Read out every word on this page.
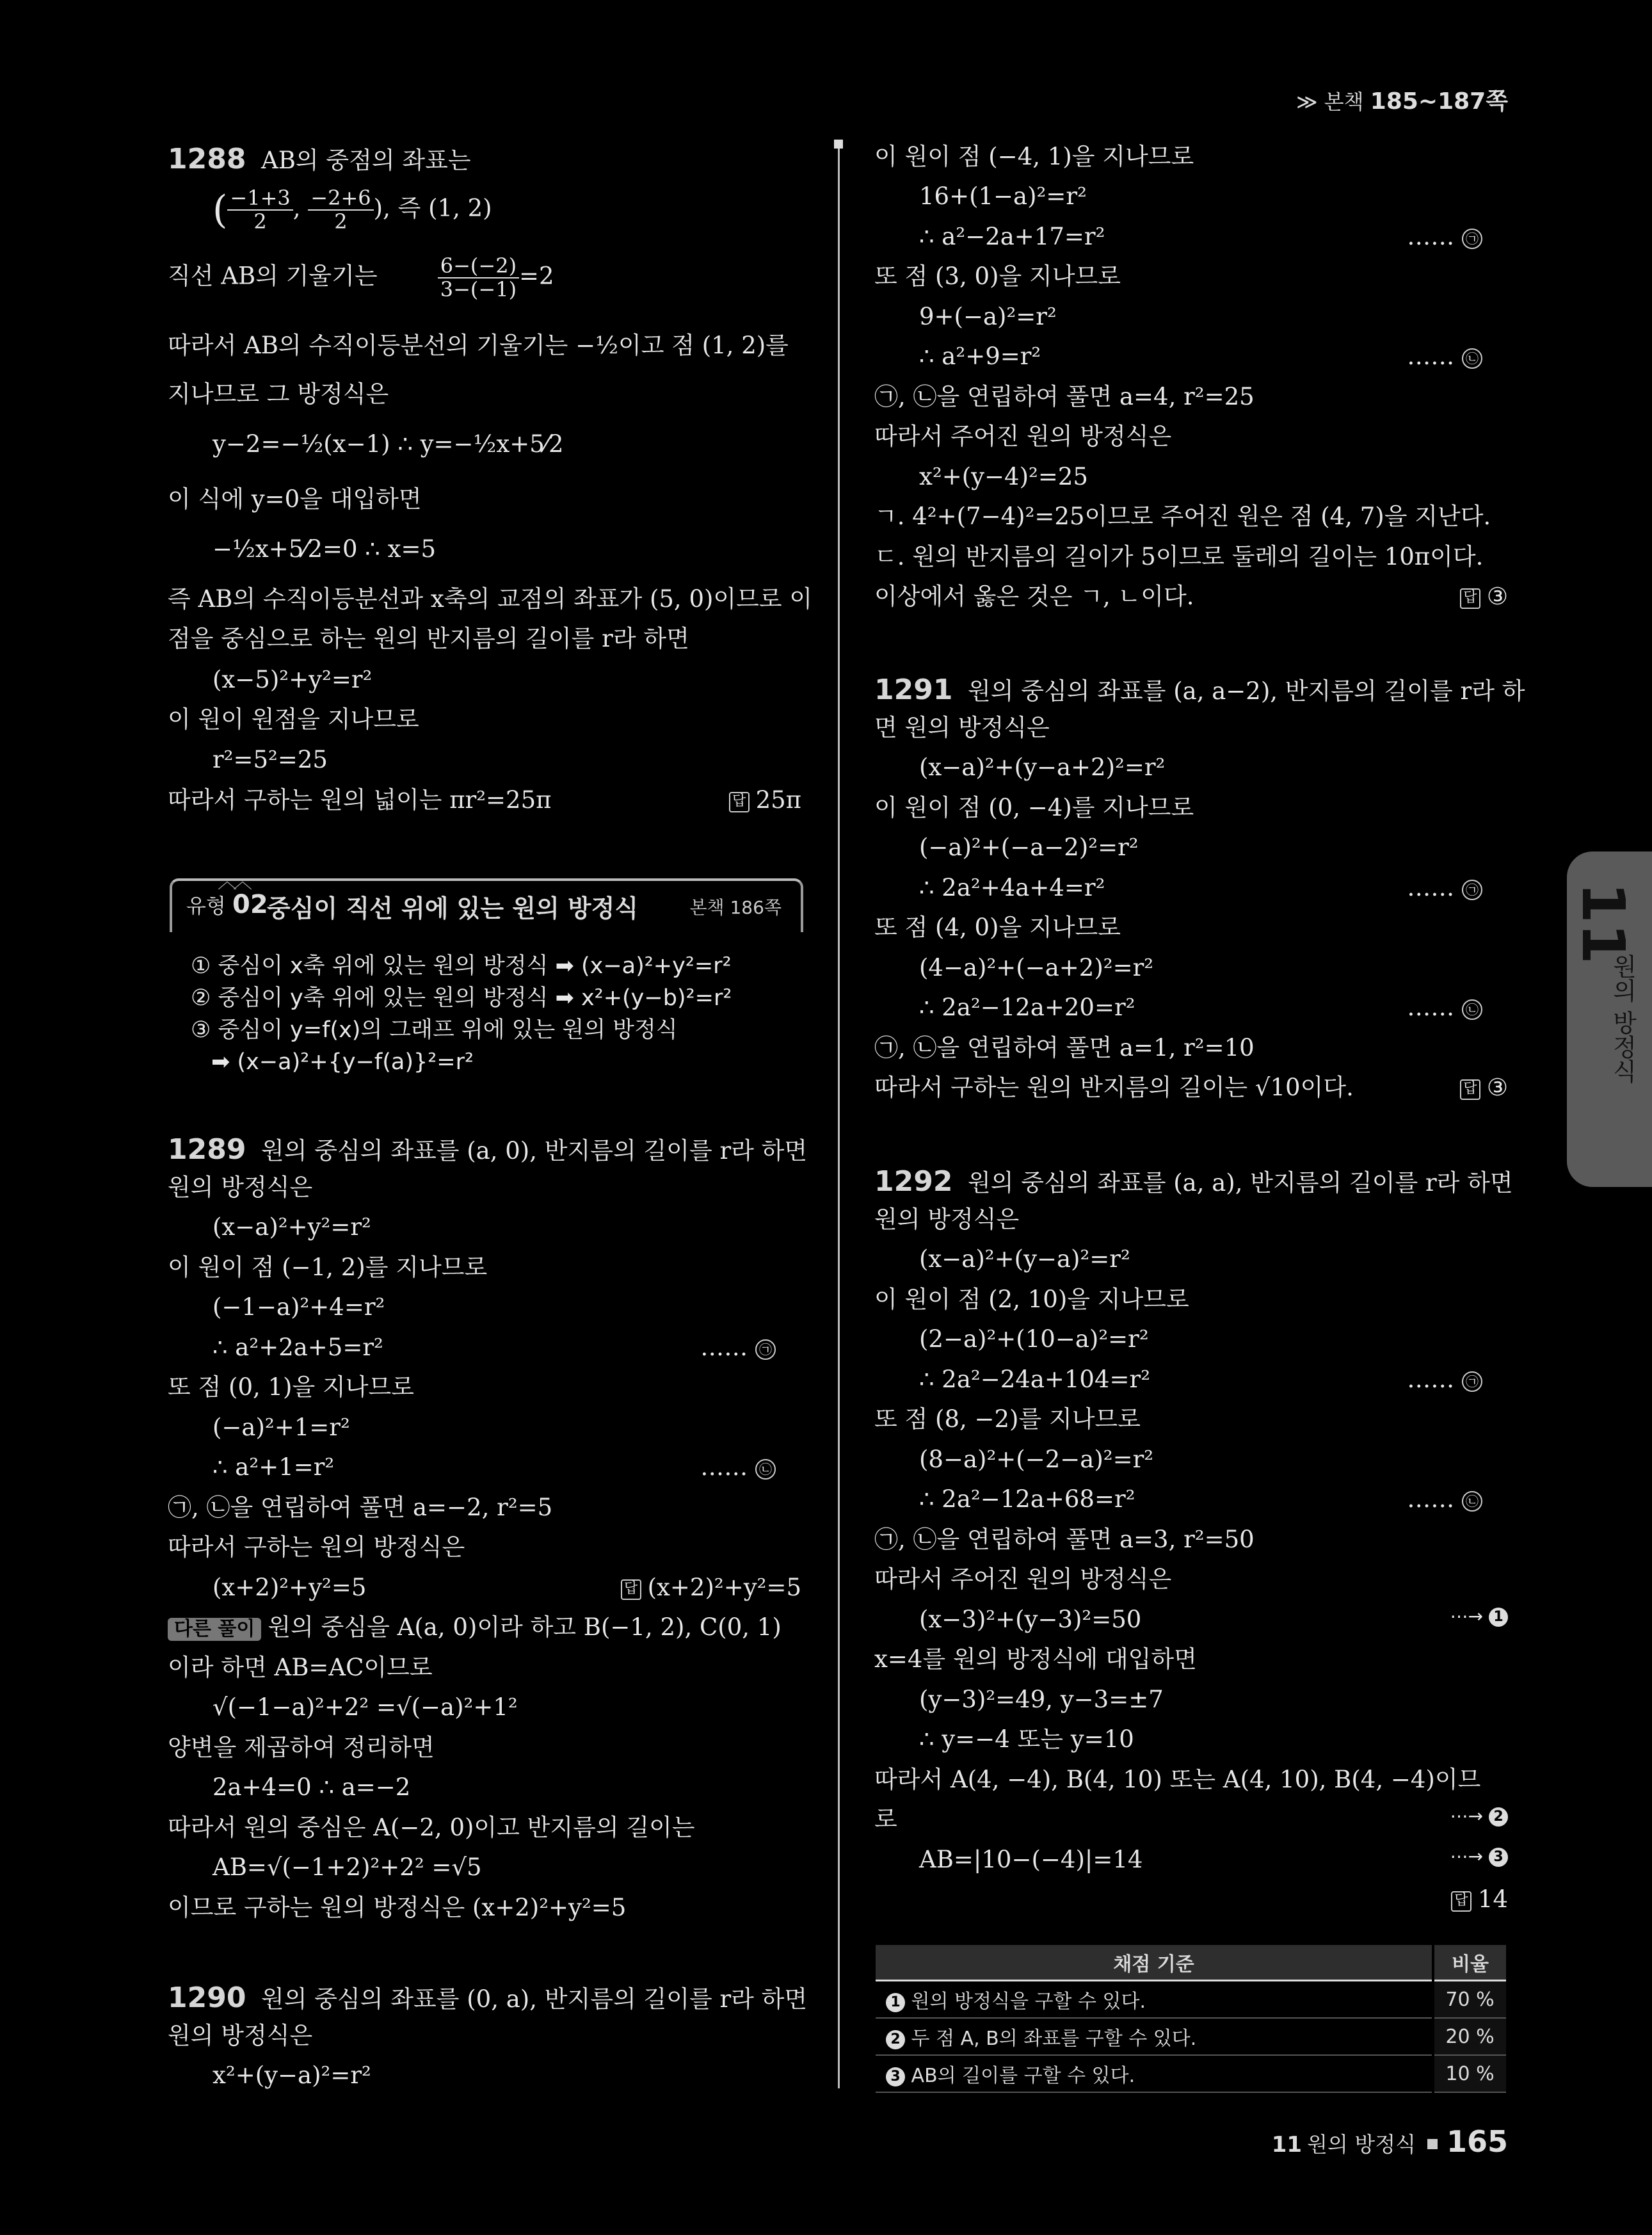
≫ 본책 185~187쪽
11
원의 방정식
1288 AB의 중점의 좌표는
( $\frac{-1+3}{2}$ , $\frac{-2+6}{2}$ ), 즉 (1, 2)
직선 AB의 기울기는	$\frac{6-(-2)}{3-(-1)} =2$
따라서 AB의 수직이등분선의 기울기는 −½이고 점 (1, 2)를
지나므로 그 방정식은
y−2=−½(x−1) ∴ y=−½x+5⁄2
이 식에 y=0을 대입하면
−½x+5⁄2=0 ∴ x=5
즉 AB의 수직이등분선과 x축의 교점의 좌표가 (5, 0)이므로 이
점을 중심으로 하는 원의 반지름의 길이를 r라 하면
(x−5)²+y²=r²
이 원이 원점을 지나므로
r²=5²=25
따라서 구하는 원의 넓이는 πr²=25π	답 25π
︿︿
유형 02
중심이 직선 위에 있는 원의 방정식	본책 186쪽
① 중심이 x축 위에 있는 원의 방정식 ➡ (x−a)²+y²=r²
② 중심이 y축 위에 있는 원의 방정식 ➡ x²+(y−b)²=r²
③ 중심이 y=f(x)의 그래프 위에 있는 원의 방정식
➡ (x−a)²+{y−f(a)}²=r²
1289 원의 중심의 좌표를 (a, 0), 반지름의 길이를 r라 하면
원의 방정식은
(x−a)²+y²=r²
이 원이 점 (−1, 2)를 지나므로
(−1−a)²+4=r²
∴ a²+2a+5=r²	…… ㉠
또 점 (0, 1)을 지나므로
(−a)²+1=r²
∴ a²+1=r²	…… ㉡
㉠, ㉡을 연립하여 풀면 a=−2, r²=5
따라서 구하는 원의 방정식은
(x+2)²+y²=5	답 (x+2)²+y²=5
다른 풀이 원의 중심을 A(a, 0)이라 하고 B(−1, 2), C(0, 1)
이라 하면 AB=AC이므로
√(−1−a)²+2² =√(−a)²+1²
양변을 제곱하여 정리하면
2a+4=0 ∴ a=−2
따라서 원의 중심은 A(−2, 0)이고 반지름의 길이는
AB=√(−1+2)²+2² =√5
이므로 구하는 원의 방정식은 (x+2)²+y²=5
1290 원의 중심의 좌표를 (0, a), 반지름의 길이를 r라 하면
원의 방정식은
x²+(y−a)²=r²
이 원이 점 (−4, 1)을 지나므로
16+(1−a)²=r²
∴ a²−2a+17=r²	…… ㉠
또 점 (3, 0)을 지나므로
9+(−a)²=r²
∴ a²+9=r²	…… ㉡
㉠, ㉡을 연립하여 풀면 a=4, r²=25
따라서 주어진 원의 방정식은
x²+(y−4)²=25
ㄱ. 4²+(7−4)²=25이므로 주어진 원은 점 (4, 7)을 지난다.
ㄷ. 원의 반지름의 길이가 5이므로 둘레의 길이는 10π이다.
이상에서 옳은 것은 ㄱ, ㄴ이다.	답 ③
1291 원의 중심의 좌표를 (a, a−2), 반지름의 길이를 r라 하
면 원의 방정식은
(x−a)²+(y−a+2)²=r²
이 원이 점 (0, −4)를 지나므로
(−a)²+(−a−2)²=r²
∴ 2a²+4a+4=r²	…… ㉠
또 점 (4, 0)을 지나므로
(4−a)²+(−a+2)²=r²
∴ 2a²−12a+20=r²	…… ㉡
㉠, ㉡을 연립하여 풀면 a=1, r²=10
따라서 구하는 원의 반지름의 길이는 √10이다.	답 ③
1292 원의 중심의 좌표를 (a, a), 반지름의 길이를 r라 하면
원의 방정식은
(x−a)²+(y−a)²=r²
이 원이 점 (2, 10)을 지나므로
(2−a)²+(10−a)²=r²
∴ 2a²−24a+104=r²	…… ㉠
또 점 (8, −2)를 지나므로
(8−a)²+(−2−a)²=r²
∴ 2a²−12a+68=r²	…… ㉡
㉠, ㉡을 연립하여 풀면 a=3, r²=50
따라서 주어진 원의 방정식은
(x−3)²+(y−3)²=50	⋯→ 1
x=4를 원의 방정식에 대입하면
(y−3)²=49, y−3=±7
∴ y=−4 또는 y=10
따라서 A(4, −4), B(4, 10) 또는 A(4, 10), B(4, −4)이므
로	⋯→ 2
AB=|10−(−4)|=14	⋯→ 3
답 14
채점 기준	비율
1 원의 방정식을 구할 수 있다.	70 %
2 두 점 A, B의 좌표를 구할 수 있다.	20 %
3 AB의 길이를 구할 수 있다.	10 %
11 원의 방정식 165
